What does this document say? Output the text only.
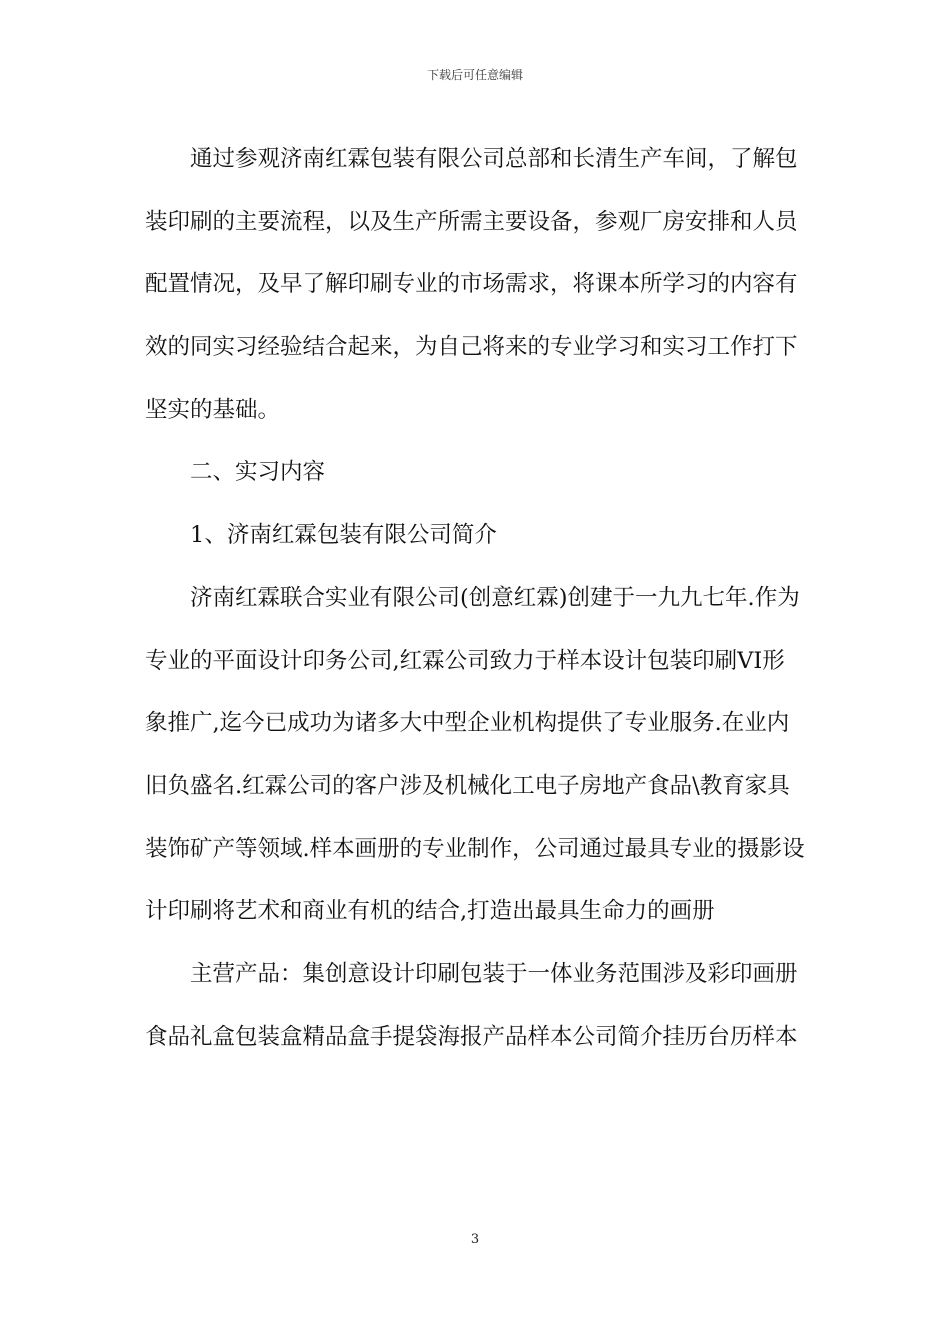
下载后可任意编辑
通过参观济南红霖包装有限公司总部和长清生产车间，了解包
装印刷的主要流程，以及生产所需主要设备，参观厂房安排和人员
配置情况，及早了解印刷专业的市场需求，将课本所学习的内容有
效的同实习经验结合起来，为自己将来的专业学习和实习工作打下
坚实的基础。
二、实习内容
1、济南红霖包装有限公司简介
济南红霖联合实业有限公司(创意红霖)创建于一九九七年.作为
专业的平面设计印务公司,红霖公司致力于样本设计包装印刷VI形
象推广,迄今已成功为诸多大中型企业机构提供了专业服务.在业内
旧负盛名.红霖公司的客户涉及机械化工电子房地产食品\教育家具
装饰矿产等领域.样本画册的专业制作，公司通过最具专业的摄影设
计印刷将艺术和商业有机的结合,打造出最具生命力的画册
主营产品：集创意设计印刷包装于一体业务范围涉及彩印画册
食品礼盒包装盒精品盒手提袋海报产品样本公司简介挂历台历样本
3
